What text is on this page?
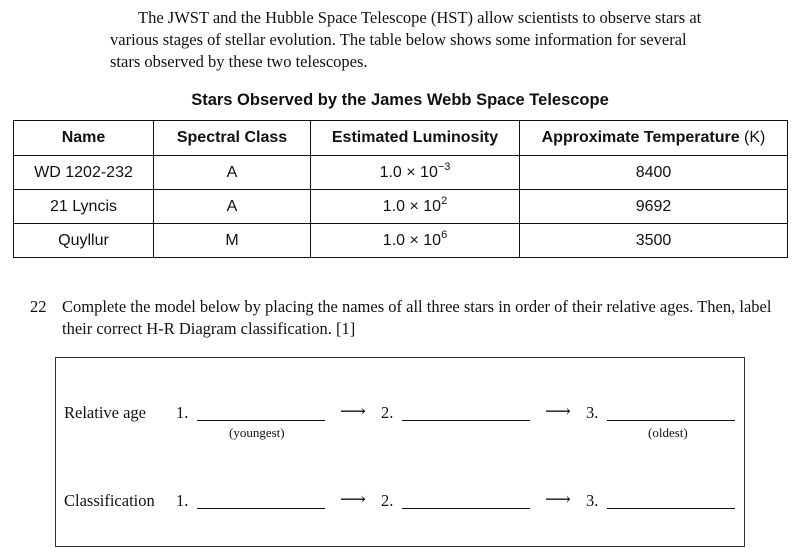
The JWST and the Hubble Space Telescope (HST) allow scientists to observe stars at various stages of stellar evolution. The table below shows some information for several stars observed by these two telescopes.

Stars Observed by the James Webb Space Telescope
Name	Spectral Class	Estimated Luminosity	Approximate Temperature (K)
WD 1202-232	A	$1.0 \times 10^{-3}$	8400
21 Lyncis	A	$1.0 \times 10^2$	9692
Quyllur	M	$1.0 \times 10^6$	3500
22 Complete the model below by placing the names of all three stars in order of their relative ages. Then, label their correct H-R Diagram classification. [1]
Relative age 1.
(youngest)
⟶ 2.	⟶ 3.
(oldest)
Classification 1.	⟶ 2.	⟶ 3.
